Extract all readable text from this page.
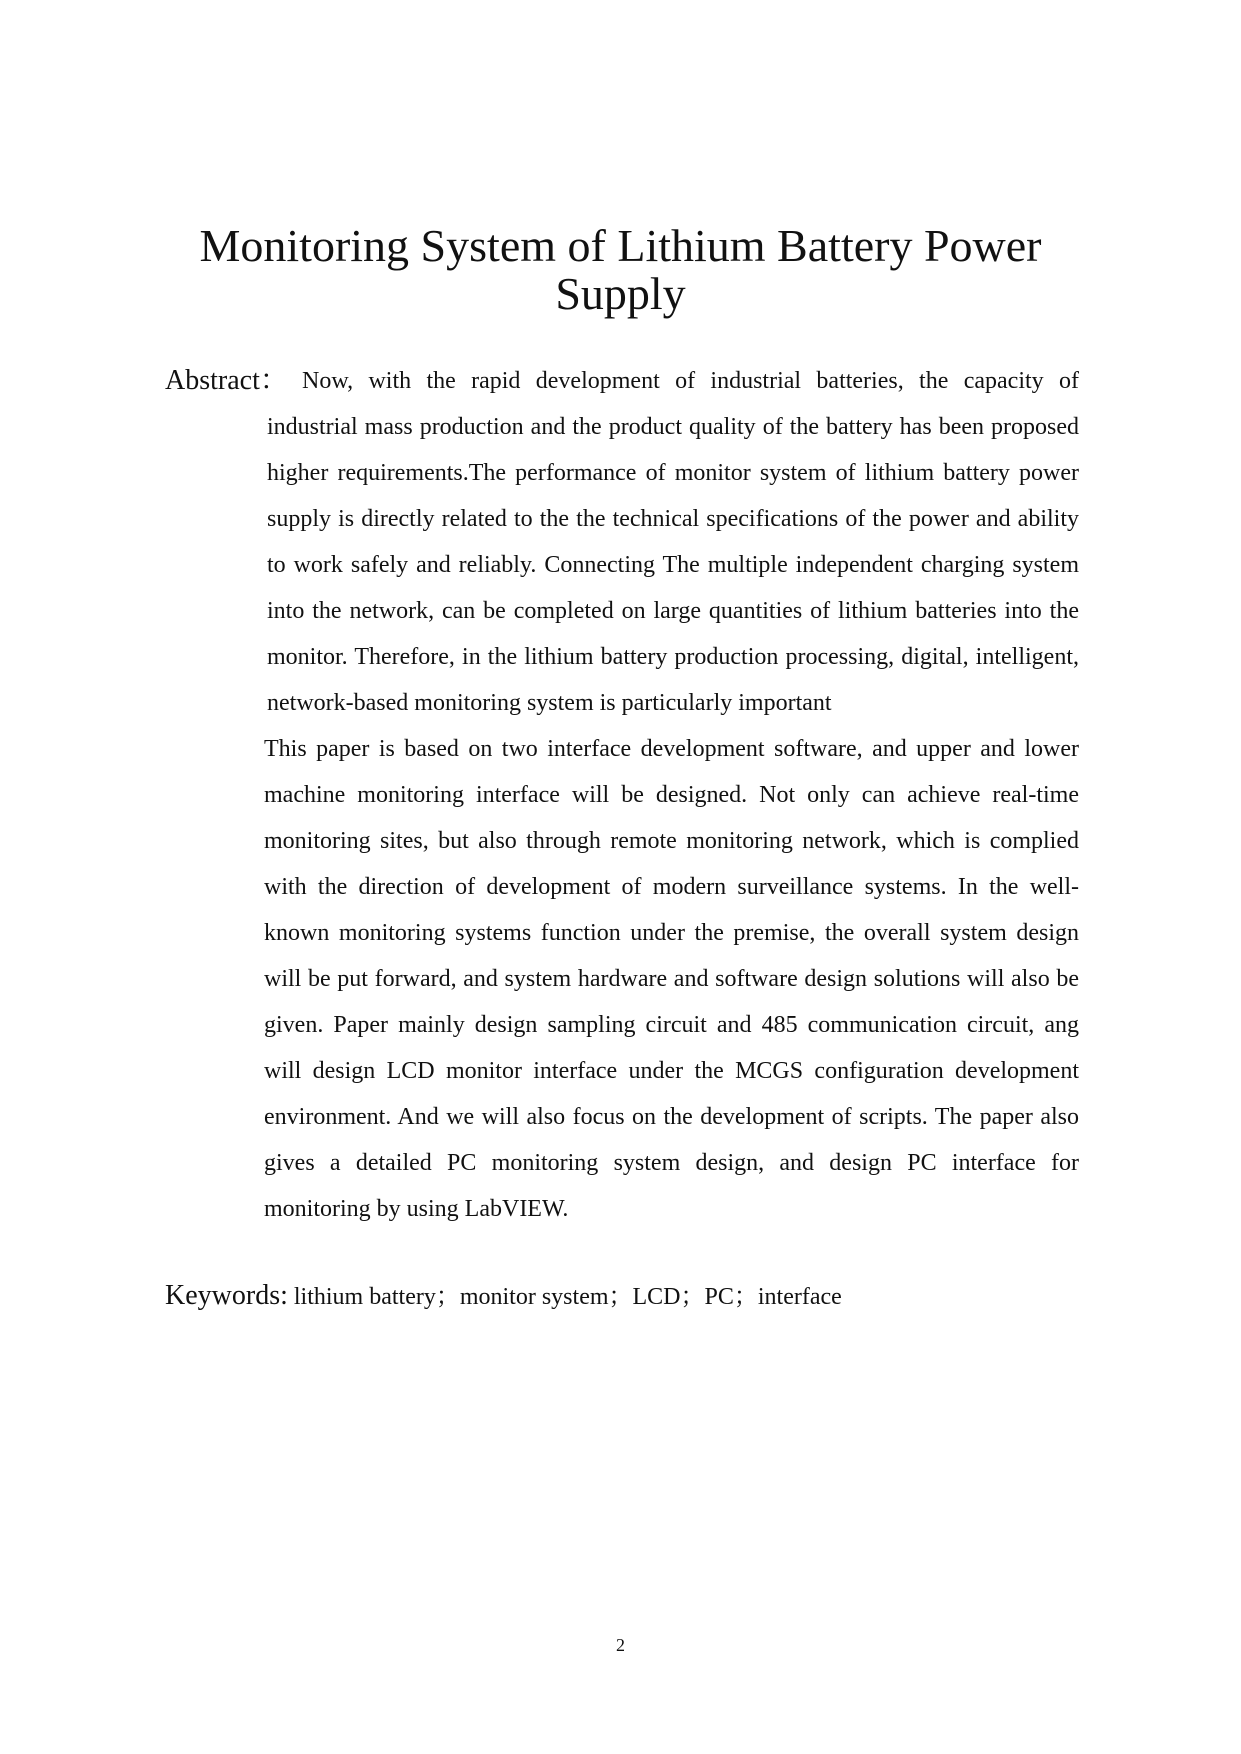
Monitoring System of Lithium Battery Power Supply
Abstract： Now, with the rapid development of industrial batteries, the capacity of industrial mass production and the product quality of the battery has been proposed higher requirements.The performance of monitor system of lithium battery power supply is directly related to the the technical specifications of the power and ability to work safely and reliably. Connecting The multiple independent charging system into the network, can be completed on large quantities of lithium batteries into the monitor. Therefore, in the lithium battery production processing, digital, intelligent, network-based monitoring system is particularly important

This paper is based on two interface development software, and upper and lower machine monitoring interface will be designed. Not only can achieve real-time monitoring sites, but also through remote monitoring network, which is complied with the direction of development of modern surveillance systems. In the well-known monitoring systems function under the premise, the overall system design will be put forward, and system hardware and software design solutions will also be given. Paper mainly design sampling circuit and 485 communication circuit, ang will design LCD monitor interface under the MCGS configuration development environment. And we will also focus on the development of scripts. The paper also gives a detailed PC monitoring system design, and design PC interface for monitoring by using LabVIEW.

Keywords: lithium battery；monitor system；LCD；PC；interface
2
